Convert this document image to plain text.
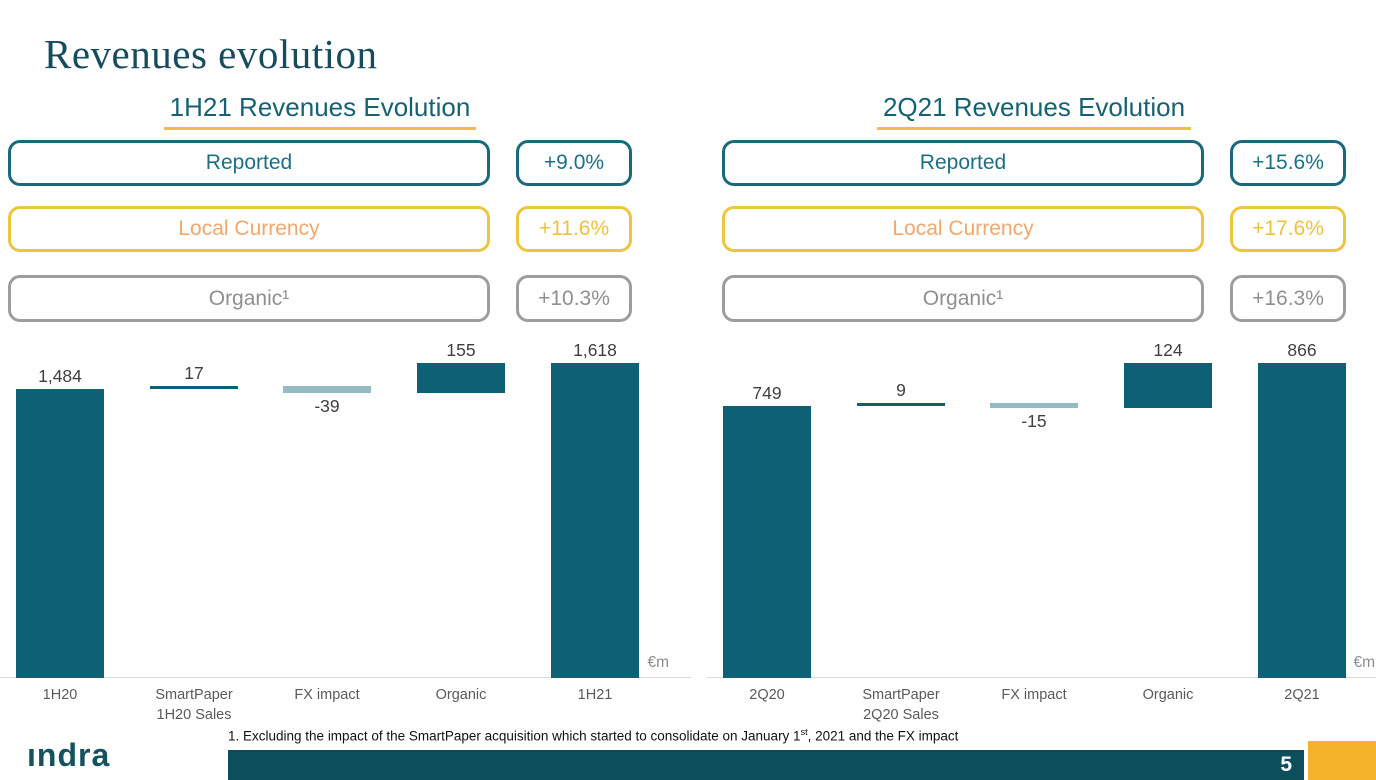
Revenues evolution
1H21 Revenues Evolution	2Q21 Revenues Evolution
Reported	+9.0%
Local Currency	+11.6%
Organic¹	+10.3%
Reported	+15.6%
Local Currency	+17.6%
Organic¹	+16.3%
€m
1,484
1H20
17
SmartPaper
1H20 Sales
-39
FX impact
155
Organic
1,618
1H21
€m
749
2Q20
9
SmartPaper
2Q20 Sales
-15
FX impact
124
Organic
866
2Q21
1. Excluding the impact of the SmartPaper acquisition which started to consolidate on January 1st, 2021 and the FX impact
ındra	5
